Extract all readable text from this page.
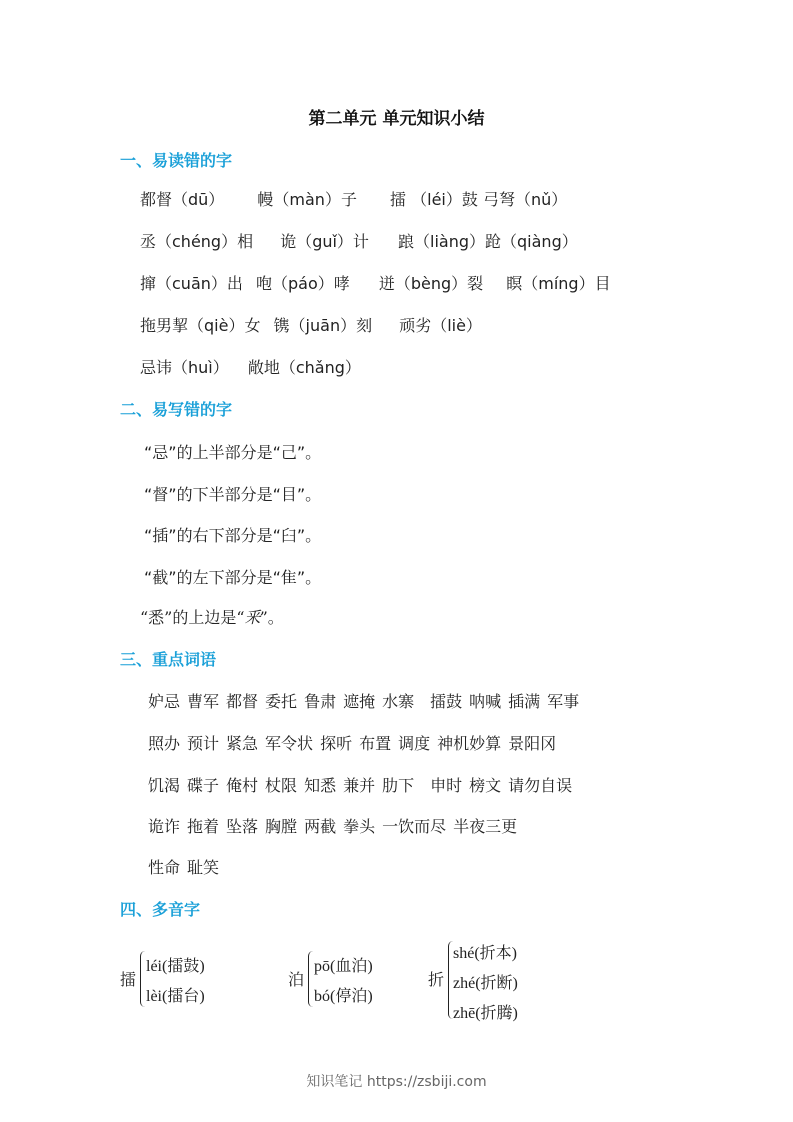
第二单元 单元知识小结
一、易读错的字
都督（dū） 幔（màn）子 擂 （léi）鼓 弓弩（nǔ）
丞（chéng）相 诡（guǐ）计 踉（liàng）跄（qiàng）
撺（cuān）出 咆（páo）哮 迸（bèng）裂 瞑（míng）目
拖男挈（qiè）女 镌（juān）刻 顽劣（liè）
忌讳（huì） 敞地（chǎng）
二、易写错的字
“忌”的上半部分是“己”。
“督”的下半部分是“目”。
“插”的右下部分是“臼”。
“截”的左下部分是“隹”。
“悉”的上边是“釆”。
三、重点词语
妒忌 曹军 都督 委托 鲁肃 遮掩 水寨 擂鼓 呐喊 插满 军事
照办 预计 紧急 军令状 探听 布置 调度 神机妙算 景阳冈
饥渴 碟子 俺村 杖限 知悉 兼并 肋下 申时 榜文 请勿自误
诡诈 拖着 坠落 胸膛 两截 拳头 一饮而尽 半夜三更
性命 耻笑
四、多音字
擂
léi(擂鼓)
lèi(擂台)
泊
pō(血泊)
bó(停泊)
折
shé(折本)
zhé(折断)
zhē(折腾)
知识笔记 https://zsbiji.com
